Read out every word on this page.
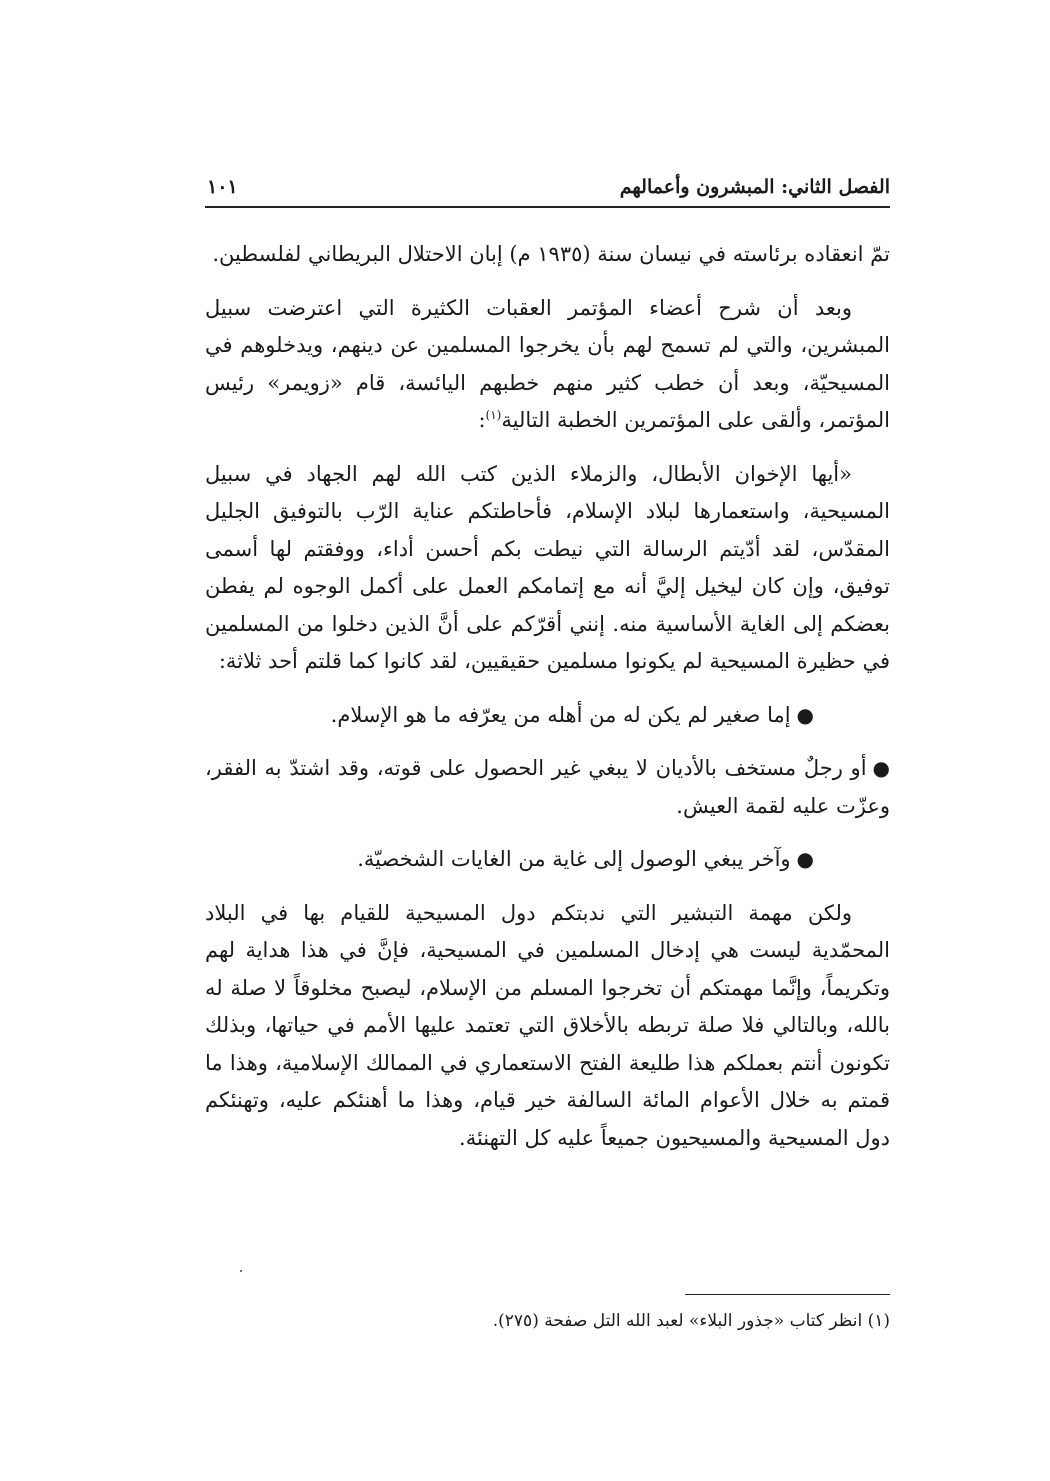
الفصل الثاني: المبشرون وأعمالهم
١٠١

تمّ انعقاده برئاسته في نيسان سنة (١٩٣٥ م) إبان الاحتلال البريطاني لفلسطين.

وبعد أن شرح أعضاء المؤتمر العقبات الكثيرة التي اعترضت سبيل المبشرين، والتي لم تسمح لهم بأن يخرجوا المسلمين عن دينهم، ويدخلوهم في المسيحيّة، وبعد أن خطب كثير منهم خطبهم اليائسة، قام «زويمر» رئيس المؤتمر، وألقى على المؤتمرين الخطبة التالية$^{(١)}$:

«أيها الإخوان الأبطال، والزملاء الذين كتب الله لهم الجهاد في سبيل المسيحية، واستعمارها لبلاد الإسلام، فأحاطتكم عناية الرّب بالتوفيق الجليل المقدّس، لقد أدّيتم الرسالة التي نيطت بكم أحسن أداء، ووفقتم لها أسمى توفيق، وإن كان ليخيل إليَّ أنه مع إتمامكم العمل على أكمل الوجوه لم يفطن بعضكم إلى الغاية الأساسية منه. إنني أقرّكم على أنَّ الذين دخلوا من المسلمين في حظيرة المسيحية لم يكونوا مسلمين حقيقيين، لقد كانوا كما قلتم أحد ثلاثة:

●إما صغير لم يكن له من أهله من يعرّفه ما هو الإسلام.

●أو رجلٌ مستخف بالأديان لا يبغي غير الحصول على قوته، وقد اشتدّ به الفقر، وعزّت عليه لقمة العيش.

●وآخر يبغي الوصول إلى غاية من الغايات الشخصيّة.

ولكن مهمة التبشير التي ندبتكم دول المسيحية للقيام بها في البلاد المحمّدية ليست هي إدخال المسلمين في المسيحية، فإنَّ في هذا هداية لهم وتكريماً، وإنَّما مهمتكم أن تخرجوا المسلم من الإسلام، ليصبح مخلوقاً لا صلة له بالله، وبالتالي فلا صلة تربطه بالأخلاق التي تعتمد عليها الأمم في حياتها، وبذلك تكونون أنتم بعملكم هذا طليعة الفتح الاستعماري في الممالك الإسلامية، وهذا ما قمتم به خلال الأعوام المائة السالفة خير قيام، وهذا ما أهنئكم عليه، وتهنئكم دول المسيحية والمسيحيون جميعاً عليه كل التهنئة.

(١) انظر كتاب «جذور البلاء» لعبد الله التل صفحة (٢٧٥).
